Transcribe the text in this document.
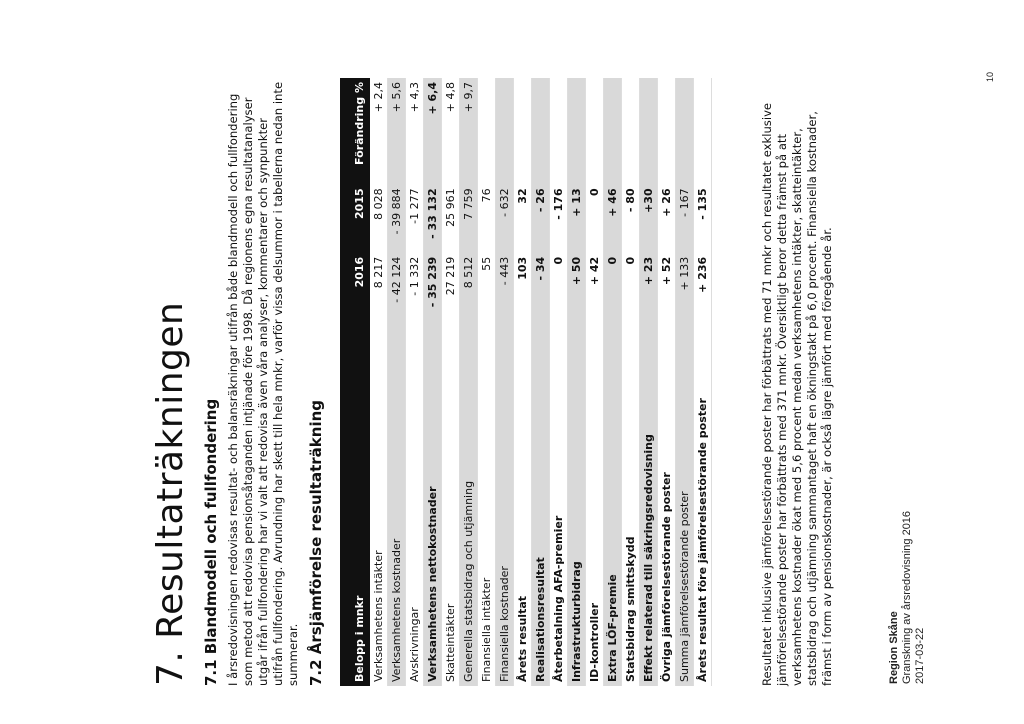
7. Resultaträkningen 7.1 Blandmodell och fullfondering I årsredovisningen redovisas resultat- och balansräkningar utifrån både blandmodell och fullfondering som metod att redovisa pensionsåtaganden intjänade före 1998. Då regionens egna resultatanalyser utgår ifrån fullfondering har vi valt att redovisa även våra analyser, kommentarer och synpunkter utifrån fullfondering. Avrundning har skett till hela mnkr, varför vissa delsummor i tabellerna nedan inte summerar. 7.2 Årsjämförelse resultaträkning	Belopp i mnkr	2016	2015	Förändring %
Verksamhetens intäkter	8 217	8 028	+ 2,4
Verksamhetens kostnader	- 42 124	- 39 884	+ 5,6
Avskrivningar	- 1 332	-1 277	+ 4,3
Verksamhetens nettokostnader	- 35 239	- 33 132	+ 6,4
Skatteintäkter	27 219	25 961	+ 4,8
Generella statsbidrag och utjämning	8 512	7 759	+ 9,7
Finansiella intäkter	55	76	
Finansiella kostnader	- 443	- 632	
Årets resultat	103	32	
Realisationsresultat	- 34	- 26	
Återbetalning AFA-premier	0	- 176	
Infrastrukturbidrag	+ 50	+ 13	
ID-kontroller	+ 42	0	
Extra LÖF-premie	0	+ 46	
Statsbidrag smittskydd	0	- 80	
Effekt relaterad till säkringsredovisning	+ 23	+30	
Övriga jämförelsestörande poster	+ 52	+ 26	
Summa jämförelsestörande poster	+ 133	- 167	
Årets resultat före jämförelsestörande poster	+ 236	- 135		Resultatet inklusive jämförelsestörande poster har förbättrats med 71 mnkr och resultatet exklusive jämförelsestörande poster har förbättrats med 371 mnkr. Översiktligt beror detta främst på att verksamhetens kostnader ökat med 5,6 procent medan verksamhetens intäkter, skatteintäkter, statsbidrag och utjämning sammantaget haft en ökningstakt på 6,0 procent. Finansiella kostnader, främst i form av pensionskostnader, är också lägre jämfört med föregående år.	Region Skåne Granskning av årsredovisning 2016 2017-03-22
10
